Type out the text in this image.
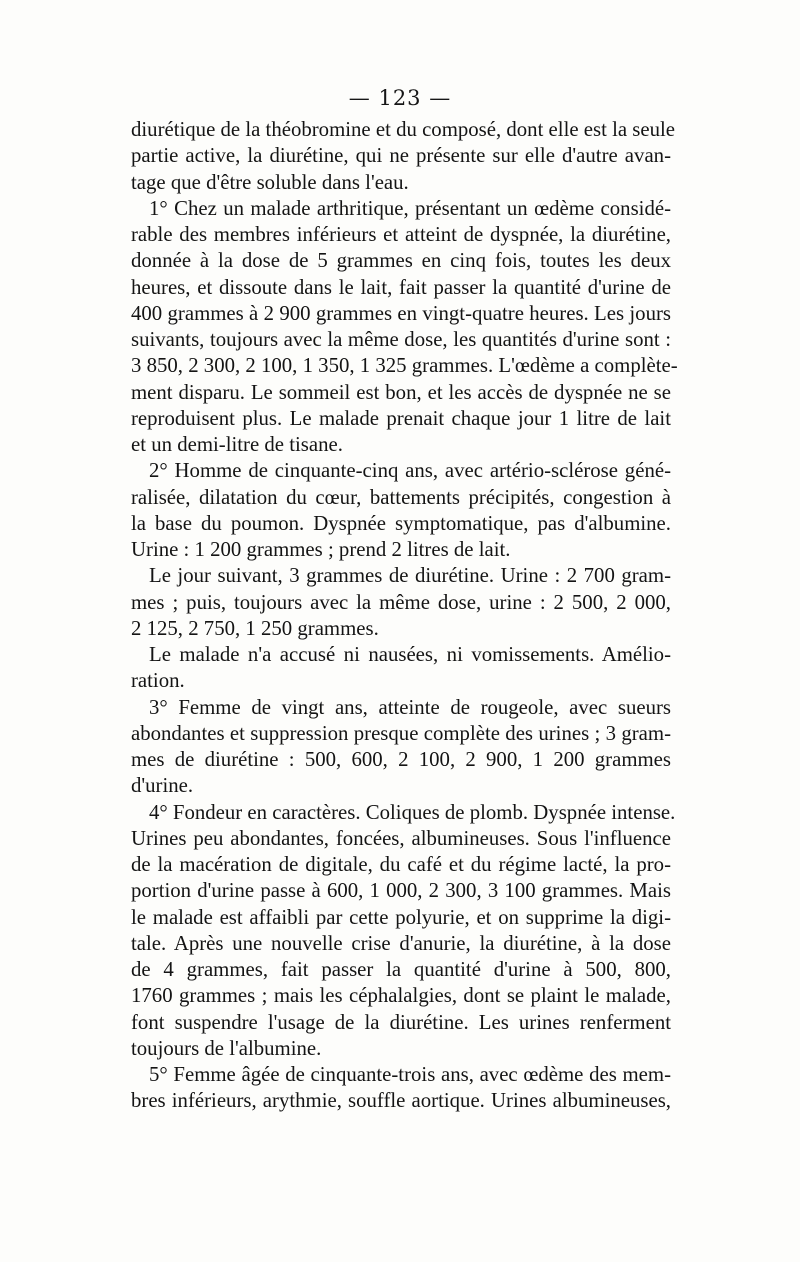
— 123 —
diurétique de la théobromine et du composé, dont elle est la seule
partie active, la diurétine, qui ne présente sur elle d'autre avan-
tage que d'être soluble dans l'eau.
1° Chez un malade arthritique, présentant un œdème considé-
rable des membres inférieurs et atteint de dyspnée, la diurétine,
donnée à la dose de 5 grammes en cinq fois, toutes les deux
heures, et dissoute dans le lait, fait passer la quantité d'urine de
400 grammes à 2 900 grammes en vingt-quatre heures. Les jours
suivants, toujours avec la même dose, les quantités d'urine sont :
3 850, 2 300, 2 100, 1 350, 1 325 grammes. L'œdème a complète-
ment disparu. Le sommeil est bon, et les accès de dyspnée ne se
reproduisent plus. Le malade prenait chaque jour 1 litre de lait
et un demi-litre de tisane.
2° Homme de cinquante-cinq ans, avec artério-sclérose géné-
ralisée, dilatation du cœur, battements précipités, congestion à
la base du poumon. Dyspnée symptomatique, pas d'albumine.
Urine : 1 200 grammes ; prend 2 litres de lait.
Le jour suivant, 3 grammes de diurétine. Urine : 2 700 gram-
mes ; puis, toujours avec la même dose, urine : 2 500, 2 000,
2 125, 2 750, 1 250 grammes.
Le malade n'a accusé ni nausées, ni vomissements. Amélio-
ration.
3° Femme de vingt ans, atteinte de rougeole, avec sueurs
abondantes et suppression presque complète des urines ; 3 gram-
mes de diurétine : 500, 600, 2 100, 2 900, 1 200 grammes
d'urine.
4° Fondeur en caractères. Coliques de plomb. Dyspnée intense.
Urines peu abondantes, foncées, albumineuses. Sous l'influence
de la macération de digitale, du café et du régime lacté, la pro-
portion d'urine passe à 600, 1 000, 2 300, 3 100 grammes. Mais
le malade est affaibli par cette polyurie, et on supprime la digi-
tale. Après une nouvelle crise d'anurie, la diurétine, à la dose
de 4 grammes, fait passer la quantité d'urine à 500, 800,
1760 grammes ; mais les céphalalgies, dont se plaint le malade,
font suspendre l'usage de la diurétine. Les urines renferment
toujours de l'albumine.
5° Femme âgée de cinquante-trois ans, avec œdème des mem-
bres inférieurs, arythmie, souffle aortique. Urines albumineuses,
